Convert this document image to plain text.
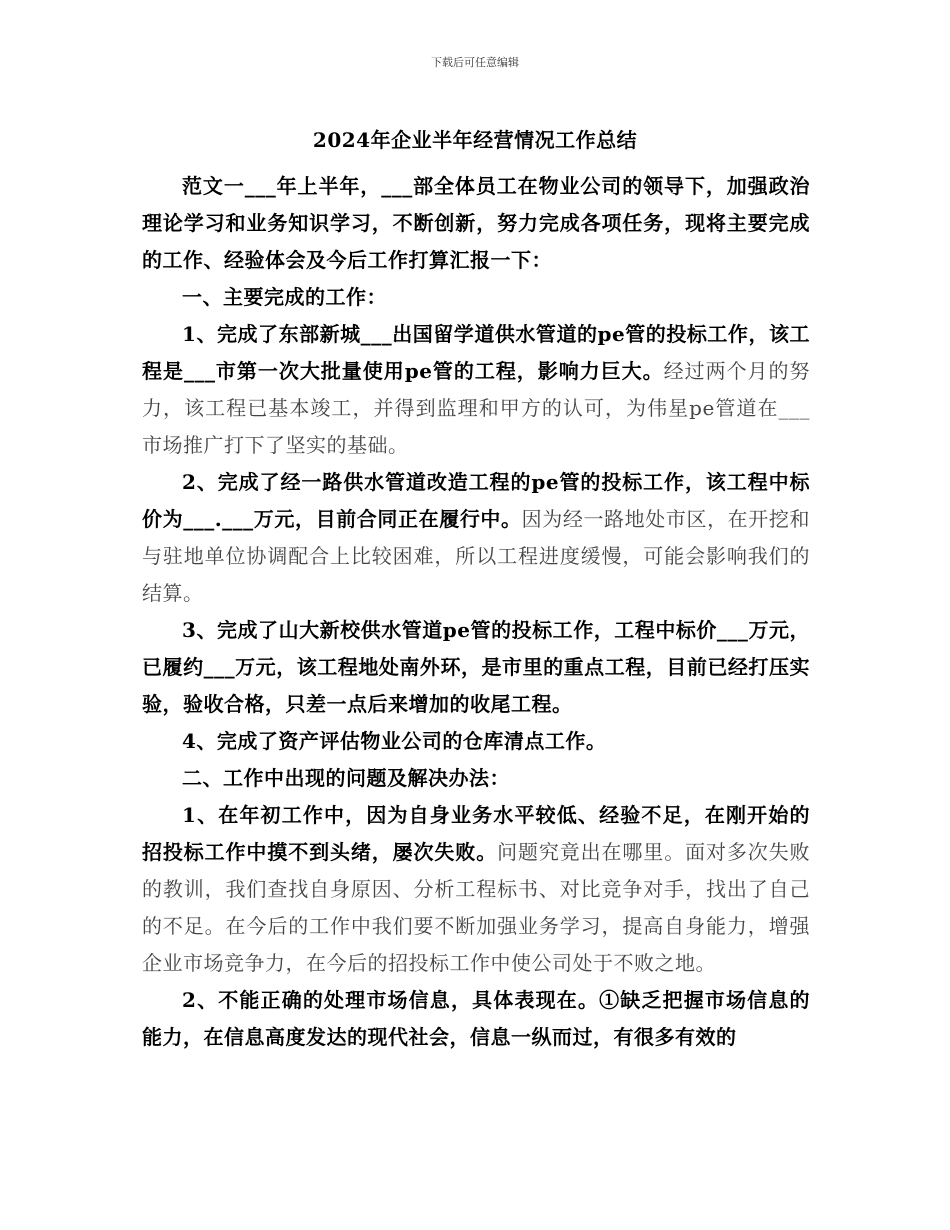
下载后可任意编辑
2024年企业半年经营情况工作总结

范文一___年上半年，___部全体员工在物业公司的领导下，加强政治理论学习和业务知识学习，不断创新，努力完成各项任务，现将主要完成的工作、经验体会及今后工作打算汇报一下：

一、主要完成的工作：

1、完成了东部新城___出国留学道供水管道的pe管的投标工作，该工程是___市第一次大批量使用pe管的工程，影响力巨大。经过两个月的努力，该工程已基本竣工，并得到监理和甲方的认可，为伟星pe管道在___市场推广打下了坚实的基础。

2、完成了经一路供水管道改造工程的pe管的投标工作，该工程中标价为___.___万元，目前合同正在履行中。因为经一路地处市区，在开挖和与驻地单位协调配合上比较困难，所以工程进度缓慢，可能会影响我们的结算。

3、完成了山大新校供水管道pe管的投标工作，工程中标价___万元，已履约___万元，该工程地处南外环，是市里的重点工程，目前已经打压实验，验收合格，只差一点后来增加的收尾工程。

4、完成了资产评估物业公司的仓库清点工作。

二、工作中出现的问题及解决办法：

1、在年初工作中，因为自身业务水平较低、经验不足，在刚开始的招投标工作中摸不到头绪，屡次失败。问题究竟出在哪里。面对多次失败的教训，我们查找自身原因、分析工程标书、对比竞争对手，找出了自己的不足。在今后的工作中我们要不断加强业务学习，提高自身能力，增强企业市场竞争力，在今后的招投标工作中使公司处于不败之地。

2、不能正确的处理市场信息，具体表现在。①缺乏把握市场信息的能力，在信息高度发达的现代社会，信息一纵而过，有很多有效的
